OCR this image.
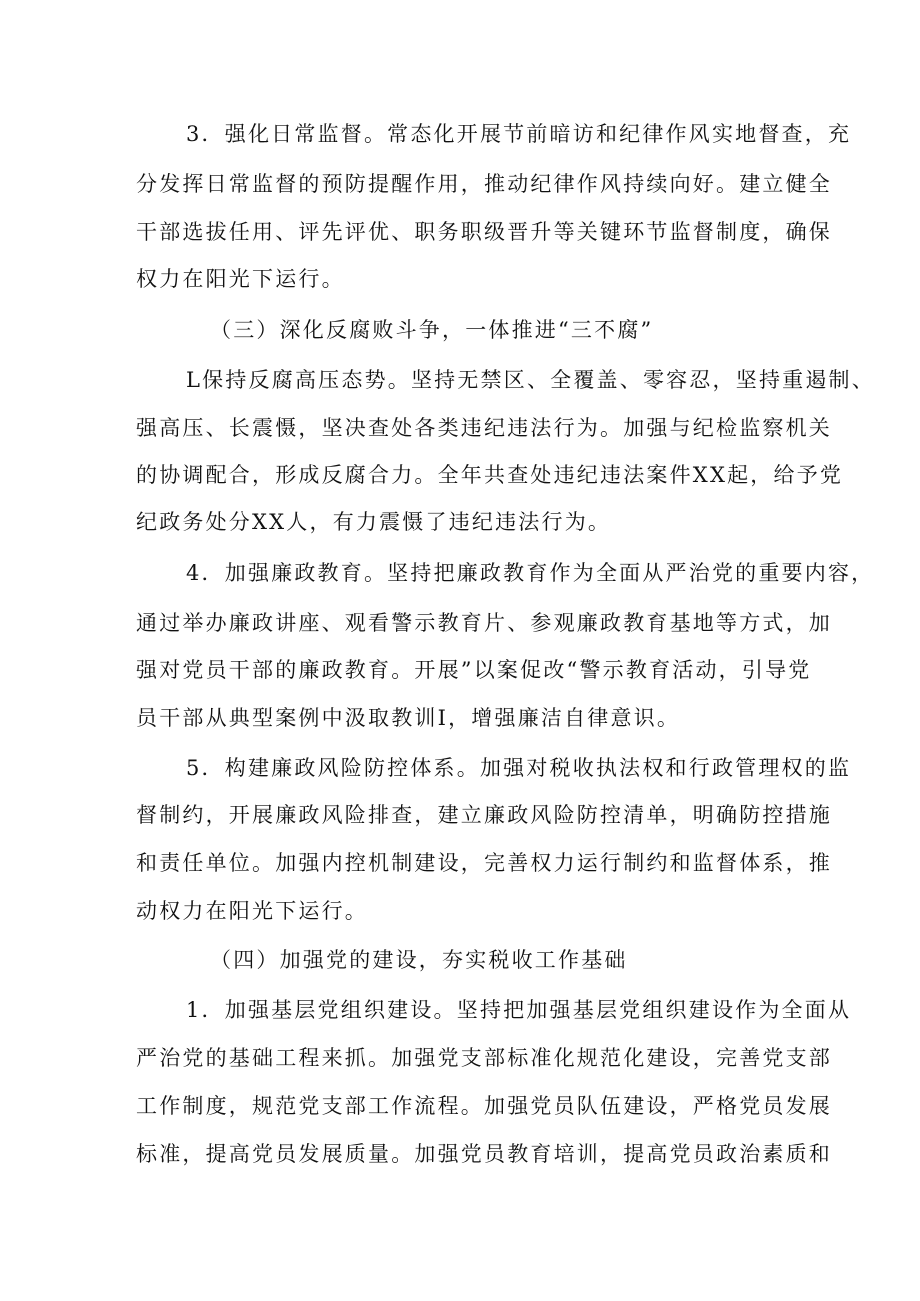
3．强化日常监督。常态化开展节前暗访和纪律作风实地督查，充
分发挥日常监督的预防提醒作用，推动纪律作风持续向好。建立健全
干部选拔任用、评先评优、职务职级晋升等关键环节监督制度，确保
权力在阳光下运行。
（三）深化反腐败斗争，一体推进“三不腐”
L保持反腐高压态势。坚持无禁区、全覆盖、零容忍，坚持重遏制、
强高压、长震慑，坚决查处各类违纪违法行为。加强与纪检监察机关
的协调配合，形成反腐合力。全年共查处违纪违法案件XX起，给予党
纪政务处分XX人，有力震慑了违纪违法行为。
4．加强廉政教育。坚持把廉政教育作为全面从严治党的重要内容，
通过举办廉政讲座、观看警示教育片、参观廉政教育基地等方式，加
强对党员干部的廉政教育。开展”以案促改“警示教育活动，引导党
员干部从典型案例中汲取教训I，增强廉洁自律意识。
5．构建廉政风险防控体系。加强对税收执法权和行政管理权的监
督制约，开展廉政风险排查，建立廉政风险防控清单，明确防控措施
和责任单位。加强内控机制建设，完善权力运行制约和监督体系，推
动权力在阳光下运行。
（四）加强党的建设，夯实税收工作基础
1．加强基层党组织建设。坚持把加强基层党组织建设作为全面从
严治党的基础工程来抓。加强党支部标准化规范化建设，完善党支部
工作制度，规范党支部工作流程。加强党员队伍建设，严格党员发展
标准，提高党员发展质量。加强党员教育培训，提高党员政治素质和
